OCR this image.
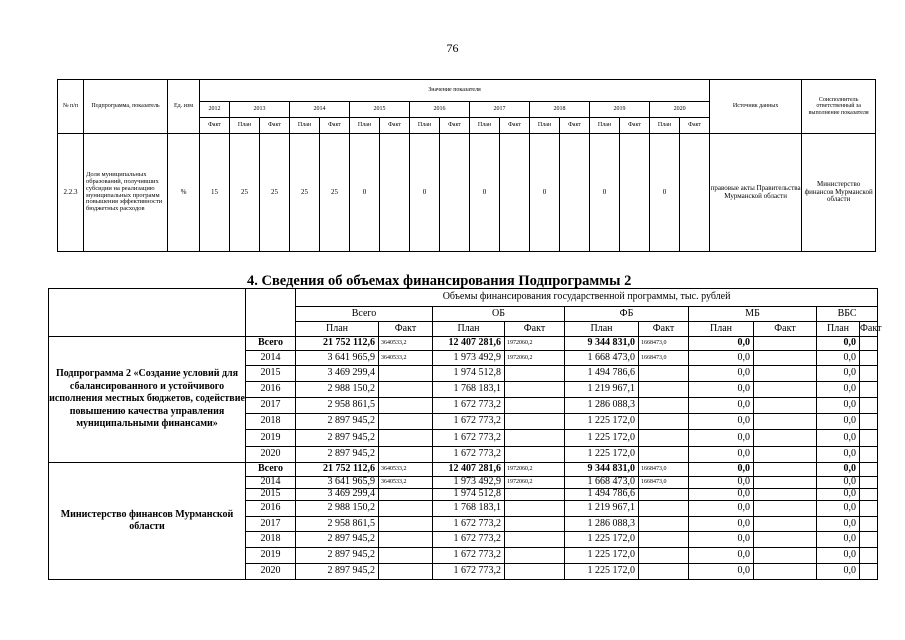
76
№ п/п	Подпрограмма, показатель	Ед. изм	Значение показателя																	Источник данных	Соисполнитель ответственный за выполнение показателя
			2012	2013		2014		2015		2016		2017		2018		2019		2020			
			Факт	План	Факт	План	Факт	План	Факт	План	Факт	План	Факт	План	Факт	План	Факт	План	Факт		
2.2.3	Доля муниципальных образований, получивших субсидии на реализацию муниципальных программ повышения эффективности бюджетных расходов	%	15	25	25	25	25	0		0		0		0		0		0		правовые акты Правительства Мурманской области	Министерство финансов Мурманской области
4. Сведения об объемах финансирования Подпрограммы 2
		Объемы финансирования государственной программы, тыс. рублей									
		Всего		ОБ		ФБ		МБ		ВБС	
		План	Факт	План	Факт	План	Факт	План	Факт	План	Факт
Подпрограмма 2 «Создание условий для сбалансированного и устойчивого исполнения местных бюджетов, содействие повышению качества управления муниципальными финансами»	Всего	21 752 112,6	3640533,2	12 407 281,6	1972060,2	9 344 831,0	1668473,0	0,0		0,0	
	2014	3 641 965,9	3640533,2	1 973 492,9	1972060,2	1 668 473,0	1668473,0	0,0		0,0	
	2015	3 469 299,4		1 974 512,8		1 494 786,6		0,0		0,0	
	2016	2 988 150,2		1 768 183,1		1 219 967,1		0,0		0,0	
	2017	2 958 861,5		1 672 773,2		1 286 088,3		0,0		0,0	
	2018	2 897 945,2		1 672 773,2		1 225 172,0		0,0		0,0	
	2019	2 897 945,2		1 672 773,2		1 225 172,0		0,0		0,0	
	2020	2 897 945,2		1 672 773,2		1 225 172,0		0,0		0,0	
Министерство финансов Мурманской области	Всего	21 752 112,6	3640533,2	12 407 281,6	1972060,2	9 344 831,0	1668473,0	0,0		0,0	
	2014	3 641 965,9	3640533,2	1 973 492,9	1972060,2	1 668 473,0	1668473,0	0,0		0,0	
	2015	3 469 299,4		1 974 512,8		1 494 786,6		0,0		0,0	
	2016	2 988 150,2		1 768 183,1		1 219 967,1		0,0		0,0	
	2017	2 958 861,5		1 672 773,2		1 286 088,3		0,0		0,0	
	2018	2 897 945,2		1 672 773,2		1 225 172,0		0,0		0,0	
	2019	2 897 945,2		1 672 773,2		1 225 172,0		0,0		0,0	
	2020	2 897 945,2		1 672 773,2		1 225 172,0		0,0		0,0	
